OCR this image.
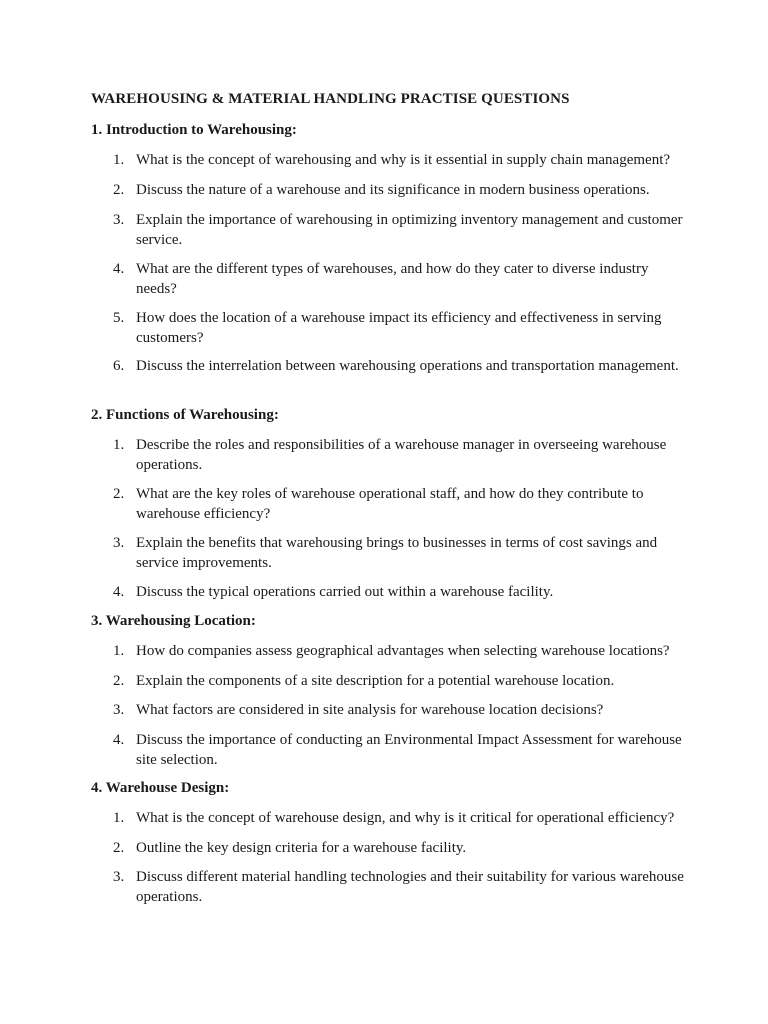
WAREHOUSING & MATERIAL HANDLING PRACTISE QUESTIONS
1. Introduction to Warehousing:
1. What is the concept of warehousing and why is it essential in supply chain management?
2. Discuss the nature of a warehouse and its significance in modern business operations.
3. Explain the importance of warehousing in optimizing inventory management and customer service.
4. What are the different types of warehouses, and how do they cater to diverse industry needs?
5. How does the location of a warehouse impact its efficiency and effectiveness in serving customers?
6. Discuss the interrelation between warehousing operations and transportation management.
2. Functions of Warehousing:
1. Describe the roles and responsibilities of a warehouse manager in overseeing warehouse operations.
2. What are the key roles of warehouse operational staff, and how do they contribute to warehouse efficiency?
3. Explain the benefits that warehousing brings to businesses in terms of cost savings and service improvements.
4. Discuss the typical operations carried out within a warehouse facility.
3. Warehousing Location:
1. How do companies assess geographical advantages when selecting warehouse locations?
2. Explain the components of a site description for a potential warehouse location.
3. What factors are considered in site analysis for warehouse location decisions?
4. Discuss the importance of conducting an Environmental Impact Assessment for warehouse site selection.
4. Warehouse Design:
1. What is the concept of warehouse design, and why is it critical for operational efficiency?
2. Outline the key design criteria for a warehouse facility.
3. Discuss different material handling technologies and their suitability for various warehouse operations.
